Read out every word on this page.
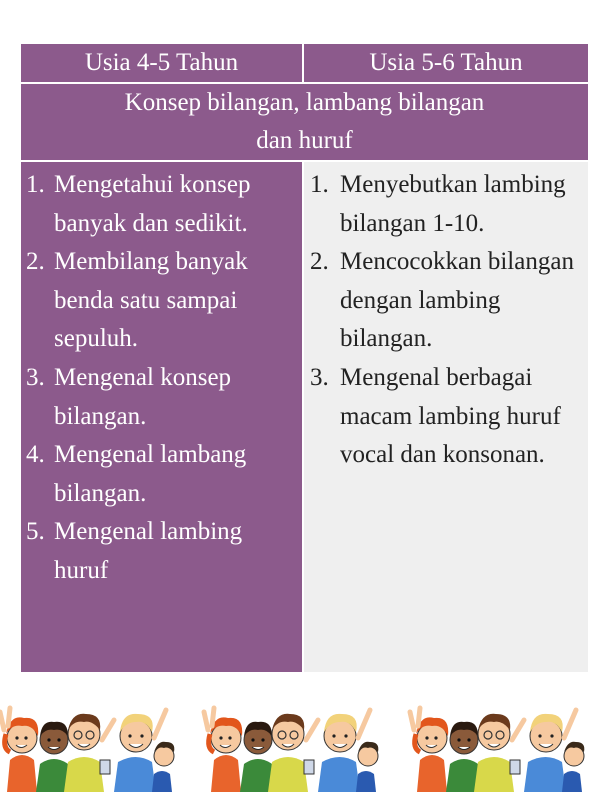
Usia 4-5 Tahun	Usia 5-6 Tahun
Konsep bilangan, lambang bilangan dan huruf
1. Mengetahui konsep banyak dan sedikit.
2. Membilang banyak benda satu sampai sepuluh.
3. Mengenal konsep bilangan.
4. Mengenal lambang bilangan.
5. Mengenal lambing huruf
1. Menyebutkan lambing bilangan 1-10.
2. Mencocokkan bilangan dengan lambing bilangan.
3. Mengenal berbagai macam lambing huruf vocal dan konsonan.
